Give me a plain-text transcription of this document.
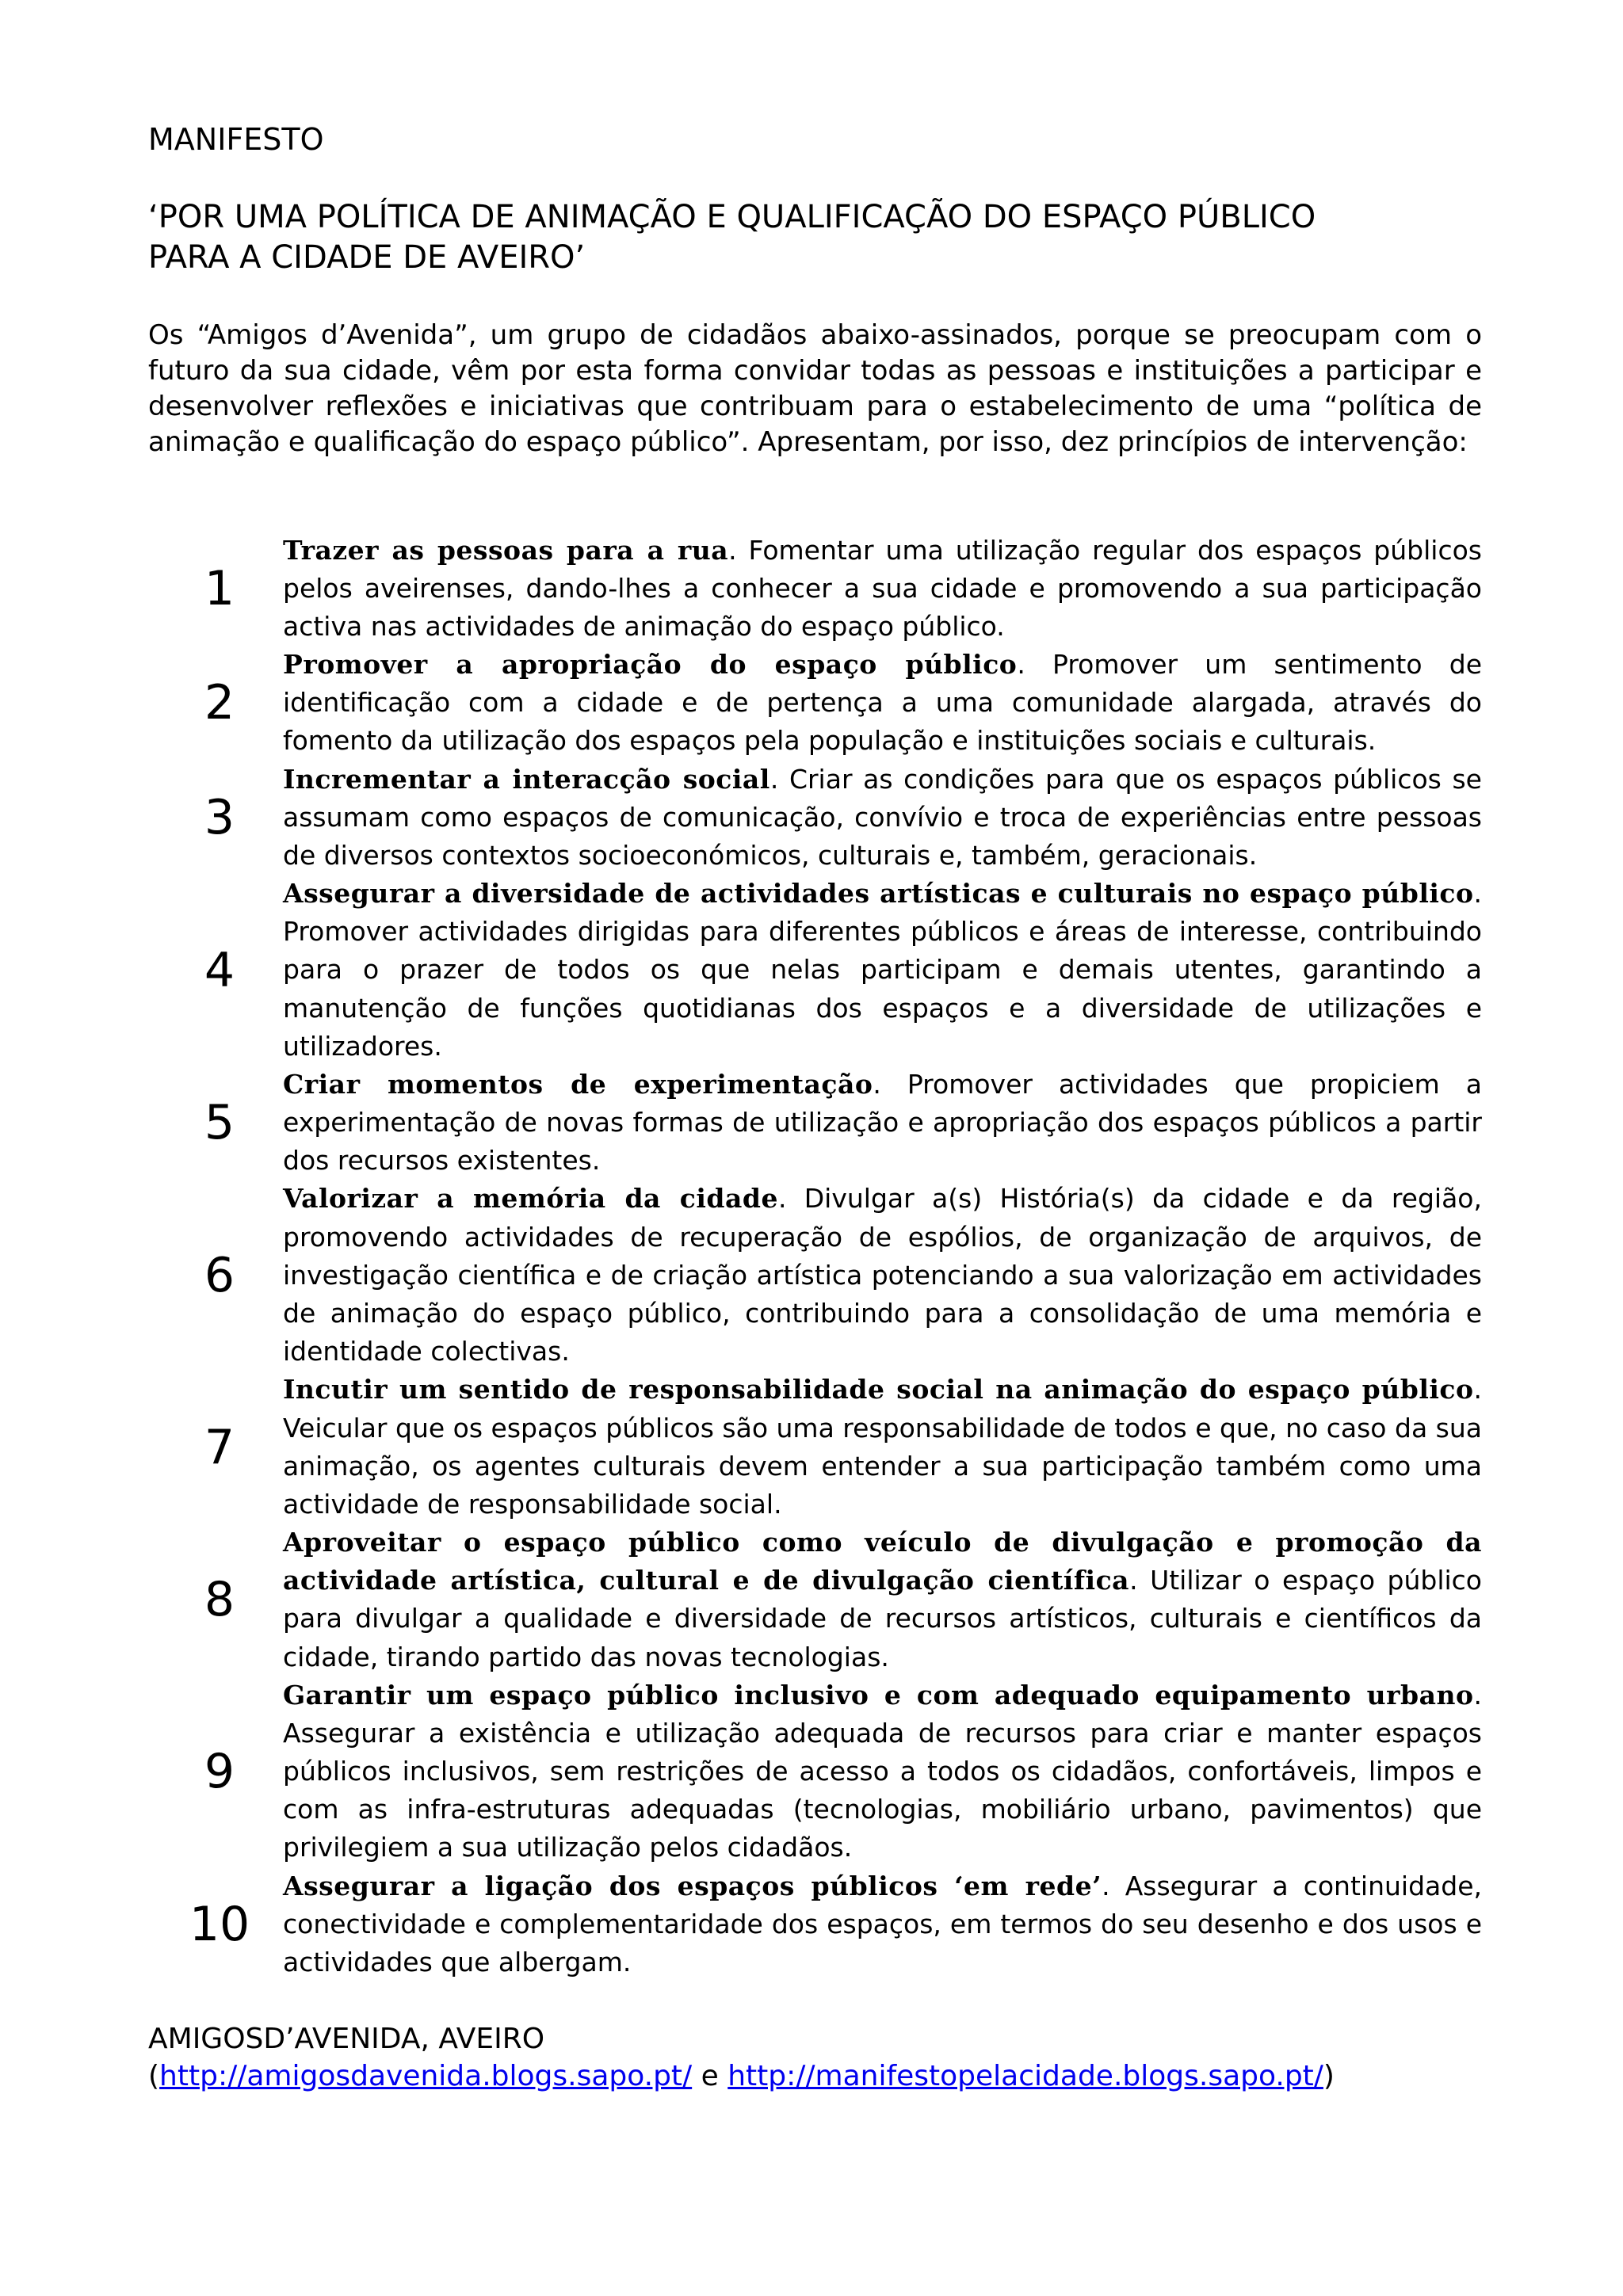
MANIFESTO
‘POR UMA POLÍTICA DE ANIMAÇÃO E QUALIFICAÇÃO DO ESPAÇO PÚBLICO
PARA A CIDADE DE AVEIRO’

Os “Amigos d’Avenida”, um grupo de cidadãos abaixo-assinados, porque se preocupam com o futuro da sua cidade, vêm por esta forma convidar todas as pessoas e instituições a participar e desenvolver reflexões e iniciativas que contribuam para o estabelecimento de uma “política de animação e qualificação do espaço público”. Apresentam, por isso, dez princípios de intervenção:

1
Trazer as pessoas para a rua. Fomentar uma utilização regular dos espaços públicos pelos aveirenses, dando-lhes a conhecer a sua cidade e promovendo a sua participação activa nas actividades de animação do espaço público.
2
Promover a apropriação do espaço público. Promover um sentimento de identificação com a cidade e de pertença a uma comunidade alargada, através do fomento da utilização dos espaços pela população e instituições sociais e culturais.
3
Incrementar a interacção social. Criar as condições para que os espaços públicos se assumam como espaços de comunicação, convívio e troca de experiências entre pessoas de diversos contextos socioeconómicos, culturais e, também, geracionais.
4
Assegurar a diversidade de actividades artísticas e culturais no espaço público. Promover actividades dirigidas para diferentes públicos e áreas de interesse, contribuindo para o prazer de todos os que nelas participam e demais utentes, garantindo a manutenção de funções quotidianas dos espaços e a diversidade de utilizações e utilizadores.
5
Criar momentos de experimentação. Promover actividades que propiciem a experimentação de novas formas de utilização e apropriação dos espaços públicos a partir dos recursos existentes.
6
Valorizar a memória da cidade. Divulgar a(s) História(s) da cidade e da região, promovendo actividades de recuperação de espólios, de organização de arquivos, de investigação científica e de criação artística potenciando a sua valorização em actividades de animação do espaço público, contribuindo para a consolidação de uma memória e identidade colectivas.
7
Incutir um sentido de responsabilidade social na animação do espaço público. Veicular que os espaços públicos são uma responsabilidade de todos e que, no caso da sua animação, os agentes culturais devem entender a sua participação também como uma actividade de responsabilidade social.
8
Aproveitar o espaço público como veículo de divulgação e promoção da actividade artística, cultural e de divulgação científica. Utilizar o espaço público para divulgar a qualidade e diversidade de recursos artísticos, culturais e científicos da cidade, tirando partido das novas tecnologias.
9
Garantir um espaço público inclusivo e com adequado equipamento urbano. Assegurar a existência e utilização adequada de recursos para criar e manter espaços públicos inclusivos, sem restrições de acesso a todos os cidadãos, confortáveis, limpos e com as infra-estruturas adequadas (tecnologias, mobiliário urbano, pavimentos) que privilegiem a sua utilização pelos cidadãos.
10
Assegurar a ligação dos espaços públicos ‘em rede’. Assegurar a continuidade, conectividade e complementaridade dos espaços, em termos do seu desenho e dos usos e actividades que albergam.
AMIGOSD’AVENIDA, AVEIRO
(http://amigosdavenida.blogs.sapo.pt/ e http://manifestopelacidade.blogs.sapo.pt/)
